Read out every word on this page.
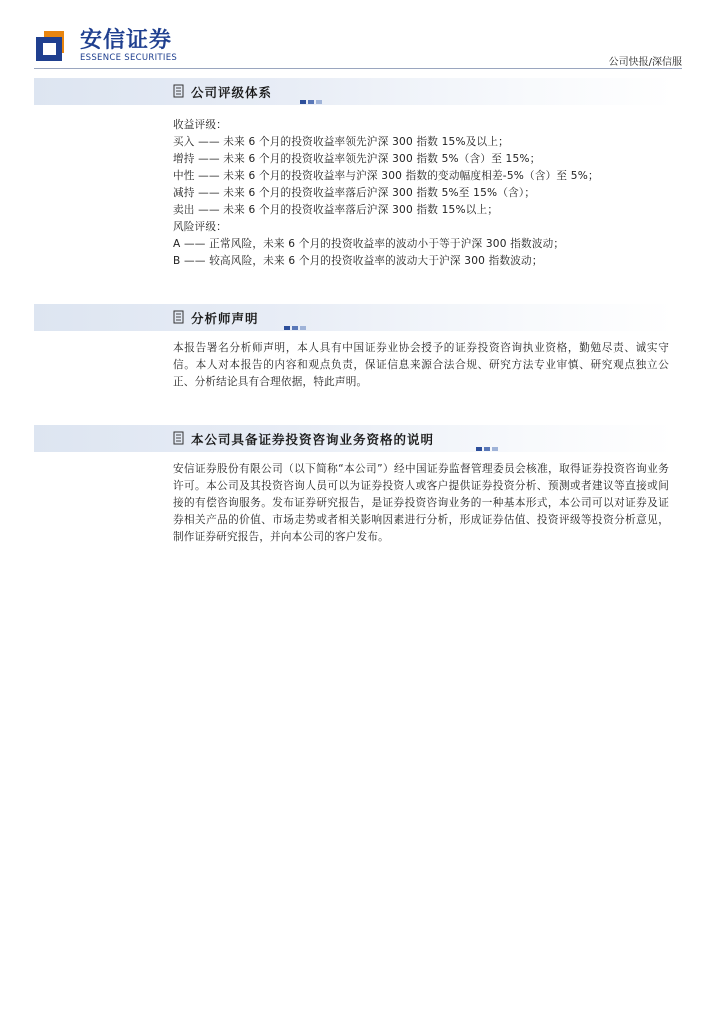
安信证券
ESSENCE SECURITIES	公司快报/深信服
公司评级体系
收益评级：
买入 —— 未来 6 个月的投资收益率领先沪深 300 指数 15%及以上；
增持 —— 未来 6 个月的投资收益率领先沪深 300 指数 5%（含）至 15%；
中性 —— 未来 6 个月的投资收益率与沪深 300 指数的变动幅度相差-5%（含）至 5%；
减持 —— 未来 6 个月的投资收益率落后沪深 300 指数 5%至 15%（含）；
卖出 —— 未来 6 个月的投资收益率落后沪深 300 指数 15%以上；
风险评级：
A —— 正常风险，未来 6 个月的投资收益率的波动小于等于沪深 300 指数波动；
B —— 较高风险，未来 6 个月的投资收益率的波动大于沪深 300 指数波动；
分析师声明
本报告署名分析师声明，本人具有中国证券业协会授予的证券投资咨询执业资格，勤勉尽责、诚实守信。本人对本报告的内容和观点负责，保证信息来源合法合规、研究方法专业审慎、研究观点独立公正、分析结论具有合理依据，特此声明。
本公司具备证券投资咨询业务资格的说明
安信证券股份有限公司（以下简称“本公司”）经中国证券监督管理委员会核准，取得证券投资咨询业务许可。本公司及其投资咨询人员可以为证券投资人或客户提供证券投资分析、预测或者建议等直接或间接的有偿咨询服务。发布证券研究报告，是证券投资咨询业务的一种基本形式，本公司可以对证券及证券相关产品的价值、市场走势或者相关影响因素进行分析，形成证券估值、投资评级等投资分析意见，制作证券研究报告，并向本公司的客户发布。
